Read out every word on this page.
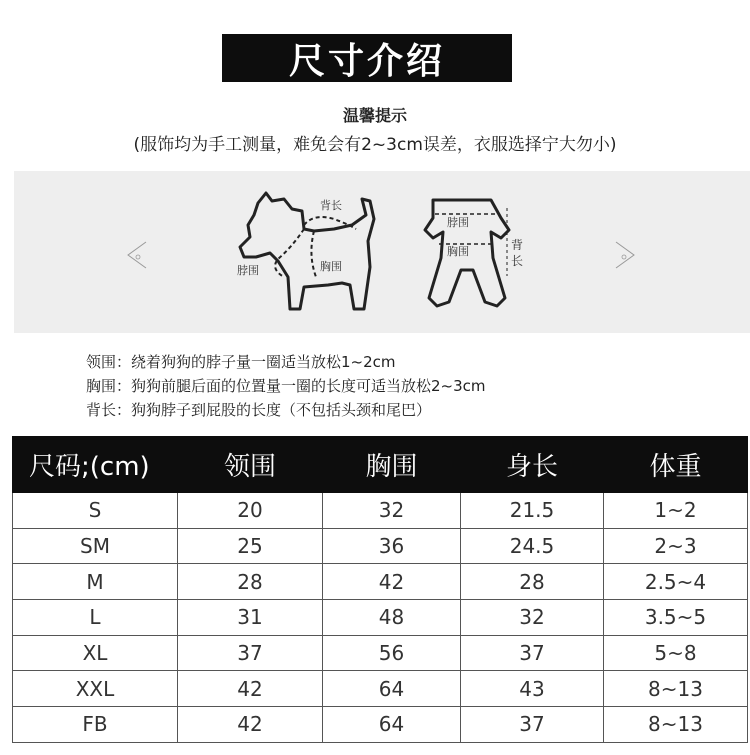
尺寸介绍
温馨提示
(服饰均为手工测量，难免会有2~3cm误差，衣服选择宁大勿小)
背长
脖围	胸围
脖围
胸围	背
长
领围：绕着狗狗的脖子量一圈适当放松1~2cm
胸围：狗狗前腿后面的位置量一圈的长度可适当放松2~3cm
背长：狗狗脖子到屁股的长度（不包括头颈和尾巴）
尺码;(cm)	领围	胸围	身长	体重
S	20	32	21.5	1~2
SM	25	36	24.5	2~3
M	28	42	28	2.5~4
L	31	48	32	3.5~5
XL	37	56	37	5~8
XXL	42	64	43	8~13
FB	42	64	37	8~13
